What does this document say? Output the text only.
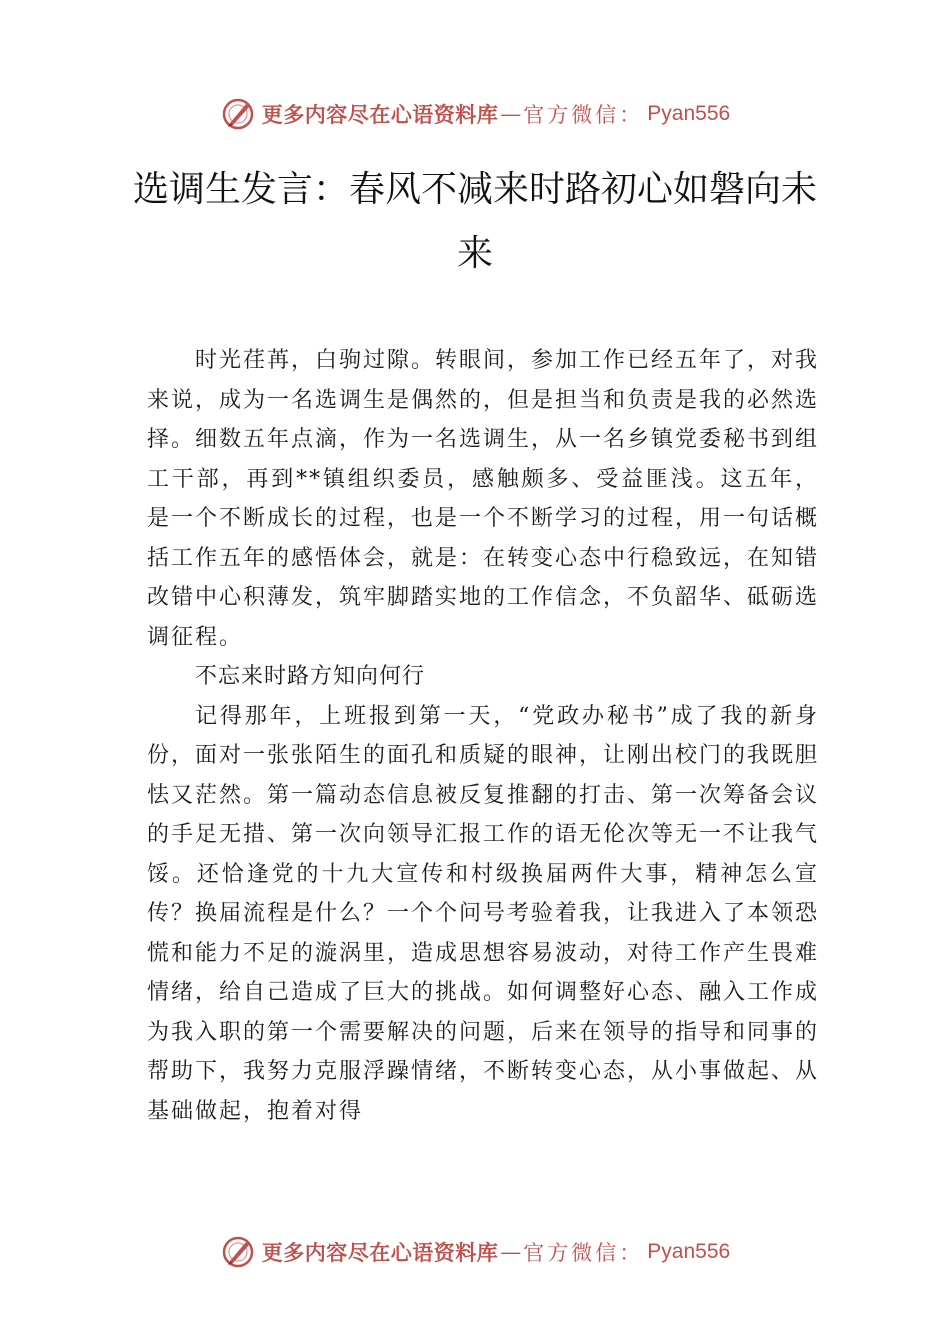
更多内容尽在心语资料库 — 官方微信： Pyan556
选调生发言：春风不减来时路初心如磐向未来

时光荏苒，白驹过隙。转眼间，参加工作已经五年了，对我来说，成为一名选调生是偶然的，但是担当和负责是我的必然选择。细数五年点滴，作为一名选调生，从一名乡镇党委秘书到组工干部，再到**镇组织委员，感触颇多、受益匪浅。这五年，是一个不断成长的过程，也是一个不断学习的过程，用一句话概括工作五年的感悟体会，就是：在转变心态中行稳致远，在知错改错中心积薄发，筑牢脚踏实地的工作信念，不负韶华、砥砺选调征程。

不忘来时路方知向何行

记得那年，上班报到第一天，“党政办秘书”成了我的新身份，面对一张张陌生的面孔和质疑的眼神，让刚出校门的我既胆怯又茫然。第一篇动态信息被反复推翻的打击、第一次筹备会议的手足无措、第一次向领导汇报工作的语无伦次等无一不让我气馁。还恰逢党的十九大宣传和村级换届两件大事，精神怎么宣传？换届流程是什么？一个个问号考验着我，让我进入了本领恐慌和能力不足的漩涡里，造成思想容易波动，对待工作产生畏难情绪，给自己造成了巨大的挑战。如何调整好心态、融入工作成为我入职的第一个需要解决的问题，后来在领导的指导和同事的帮助下，我努力克服浮躁情绪，不断转变心态，从小事做起、从基础做起，抱着对得

更多内容尽在心语资料库 — 官方微信： Pyan556
